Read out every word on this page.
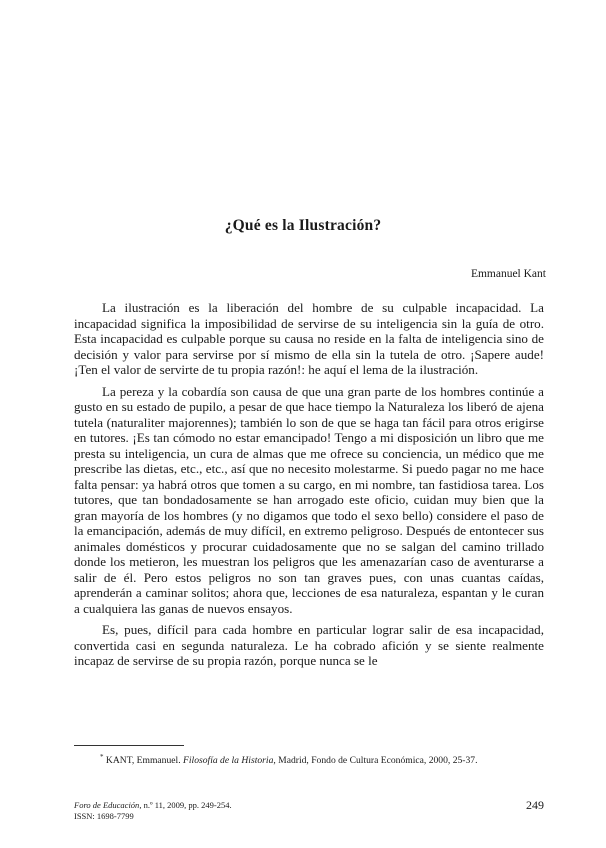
¿Qué es la Ilustración?
Emmanuel Kant

La ilustración es la liberación del hombre de su culpable incapacidad. La incapacidad significa la imposibilidad de servirse de su inteligencia sin la guía de otro. Esta incapacidad es culpable porque su causa no reside en la falta de inteligencia sino de decisión y valor para servirse por sí mismo de ella sin la tutela de otro. ¡Sapere aude! ¡Ten el valor de servirte de tu propia razón!: he aquí el lema de la ilustración.

La pereza y la cobardía son causa de que una gran parte de los hombres continúe a gusto en su estado de pupilo, a pesar de que hace tiempo la Naturaleza los liberó de ajena tutela (naturaliter majorennes); también lo son de que se haga tan fácil para otros erigirse en tutores. ¡Es tan cómodo no estar emancipado! Tengo a mi disposición un libro que me presta su inteligencia, un cura de almas que me ofrece su conciencia, un médico que me prescribe las dietas, etc., etc., así que no necesito molestarme. Si puedo pagar no me hace falta pensar: ya habrá otros que tomen a su cargo, en mi nombre, tan fastidiosa tarea. Los tutores, que tan bondadosamente se han arrogado este oficio, cuidan muy bien que la gran mayoría de los hombres (y no digamos que todo el sexo bello) considere el paso de la emancipación, además de muy difícil, en extremo peligroso. Después de entontecer sus animales domésticos y procurar cuidadosamente que no se salgan del camino trillado donde los metieron, les muestran los peligros que les amenazarían caso de aventurarse a salir de él. Pero estos peligros no son tan graves pues, con unas cuantas caídas, aprenderán a caminar solitos; ahora que, lecciones de esa naturaleza, espantan y le curan a cualquiera las ganas de nuevos ensayos.

Es, pues, difícil para cada hombre en particular lograr salir de esa incapacidad, convertida casi en segunda naturaleza. Le ha cobrado afición y se siente realmente incapaz de servirse de su propia razón, porque nunca se le

* KANT, Emmanuel. Filosofía de la Historia, Madrid, Fondo de Cultura Económica, 2000, 25-37.
Foro de Educación, n.º 11, 2009, pp. 249-254.
ISSN: 1698-7799
249
